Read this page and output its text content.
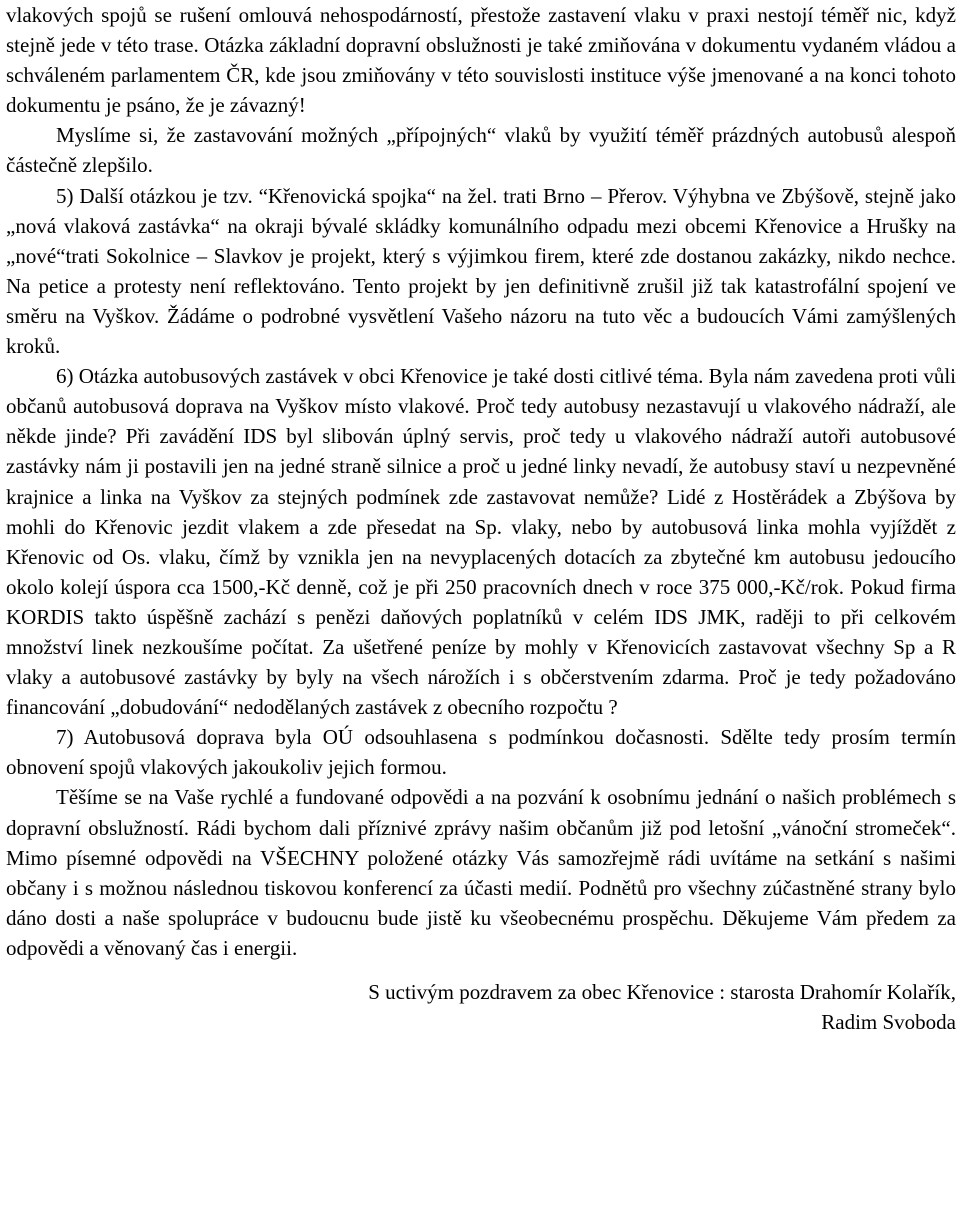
vlakových spojů se rušení omlouvá nehospodárností, přestože zastavení vlaku v praxi nestojí téměř nic, když stejně jede v této trase. Otázka základní dopravní obslužnosti je také zmiňována v dokumentu vydaném vládou a schváleném parlamentem ČR, kde jsou zmiňovány v této souvislosti instituce výše jmenované a na konci tohoto dokumentu je psáno, že je závazný!

Myslíme si, že zastavování možných „přípojných“ vlaků by využití téměř prázdných autobusů alespoň částečně zlepšilo.

5) Další otázkou je tzv. “Křenovická spojka“ na žel. trati Brno – Přerov. Výhybna ve Zbýšově, stejně jako „nová vlaková zastávka“ na okraji bývalé skládky komunálního odpadu mezi obcemi Křenovice a Hrušky na „nové“trati Sokolnice – Slavkov je projekt, který s výjimkou firem, které zde dostanou zakázky, nikdo nechce. Na petice a protesty není reflektováno. Tento projekt by jen definitivně zrušil již tak katastrofální spojení ve směru na Vyškov. Žádáme o podrobné vysvětlení Vašeho názoru na tuto věc a budoucích Vámi zamýšlených kroků.

6) Otázka autobusových zastávek v obci Křenovice je také dosti citlivé téma. Byla nám zavedena proti vůli občanů autobusová doprava na Vyškov místo vlakové. Proč tedy autobusy nezastavují u vlakového nádraží, ale někde jinde? Při zavádění IDS byl slibován úplný servis, proč tedy u vlakového nádraží autoři autobusové zastávky nám ji postavili jen na jedné straně silnice a proč u jedné linky nevadí, že autobusy staví u nezpevněné krajnice a linka na Vyškov za stejných podmínek zde zastavovat nemůže? Lidé z Hostěrádek a Zbýšova by mohli do Křenovic jezdit vlakem a zde přesedat na Sp. vlaky, nebo by autobusová linka mohla vyjíždět z Křenovic od Os. vlaku, čímž by vznikla jen na nevyplacených dotacích za zbytečné km autobusu jedoucího okolo kolejí úspora cca 1500,-Kč denně, což je při 250 pracovních dnech v roce 375 000,-Kč/rok. Pokud firma KORDIS takto úspěšně zachází s penězi daňových poplatníků v celém IDS JMK, raději to při celkovém množství linek nezkoušíme počítat. Za ušetřené peníze by mohly v Křenovicích zastavovat všechny Sp a R vlaky a autobusové zastávky by byly na všech nárožích i s občerstvením zdarma. Proč je tedy požadováno financování „dobudování“ nedodělaných zastávek z obecního rozpočtu ?

7) Autobusová doprava byla OÚ odsouhlasena s podmínkou dočasnosti. Sdělte tedy prosím termín obnovení spojů vlakových jakoukoliv jejich formou.

Těšíme se na Vaše rychlé a fundované odpovědi a na pozvání k osobnímu jednání o našich problémech s dopravní obslužností. Rádi bychom dali příznivé zprávy našim občanům již pod letošní „vánoční stromeček“. Mimo písemné odpovědi na VŠECHNY položené otázky Vás samozřejmě rádi uvítáme na setkání s našimi občany i s možnou následnou tiskovou konferencí za účasti medií. Podnětů pro všechny zúčastněné strany bylo dáno dosti a naše spolupráce v budoucnu bude jistě ku všeobecnému prospěchu. Děkujeme Vám předem za odpovědi a věnovaný čas i energii.

S uctivým pozdravem za obec Křenovice : starosta Drahomír Kolařík,
Radim Svoboda
